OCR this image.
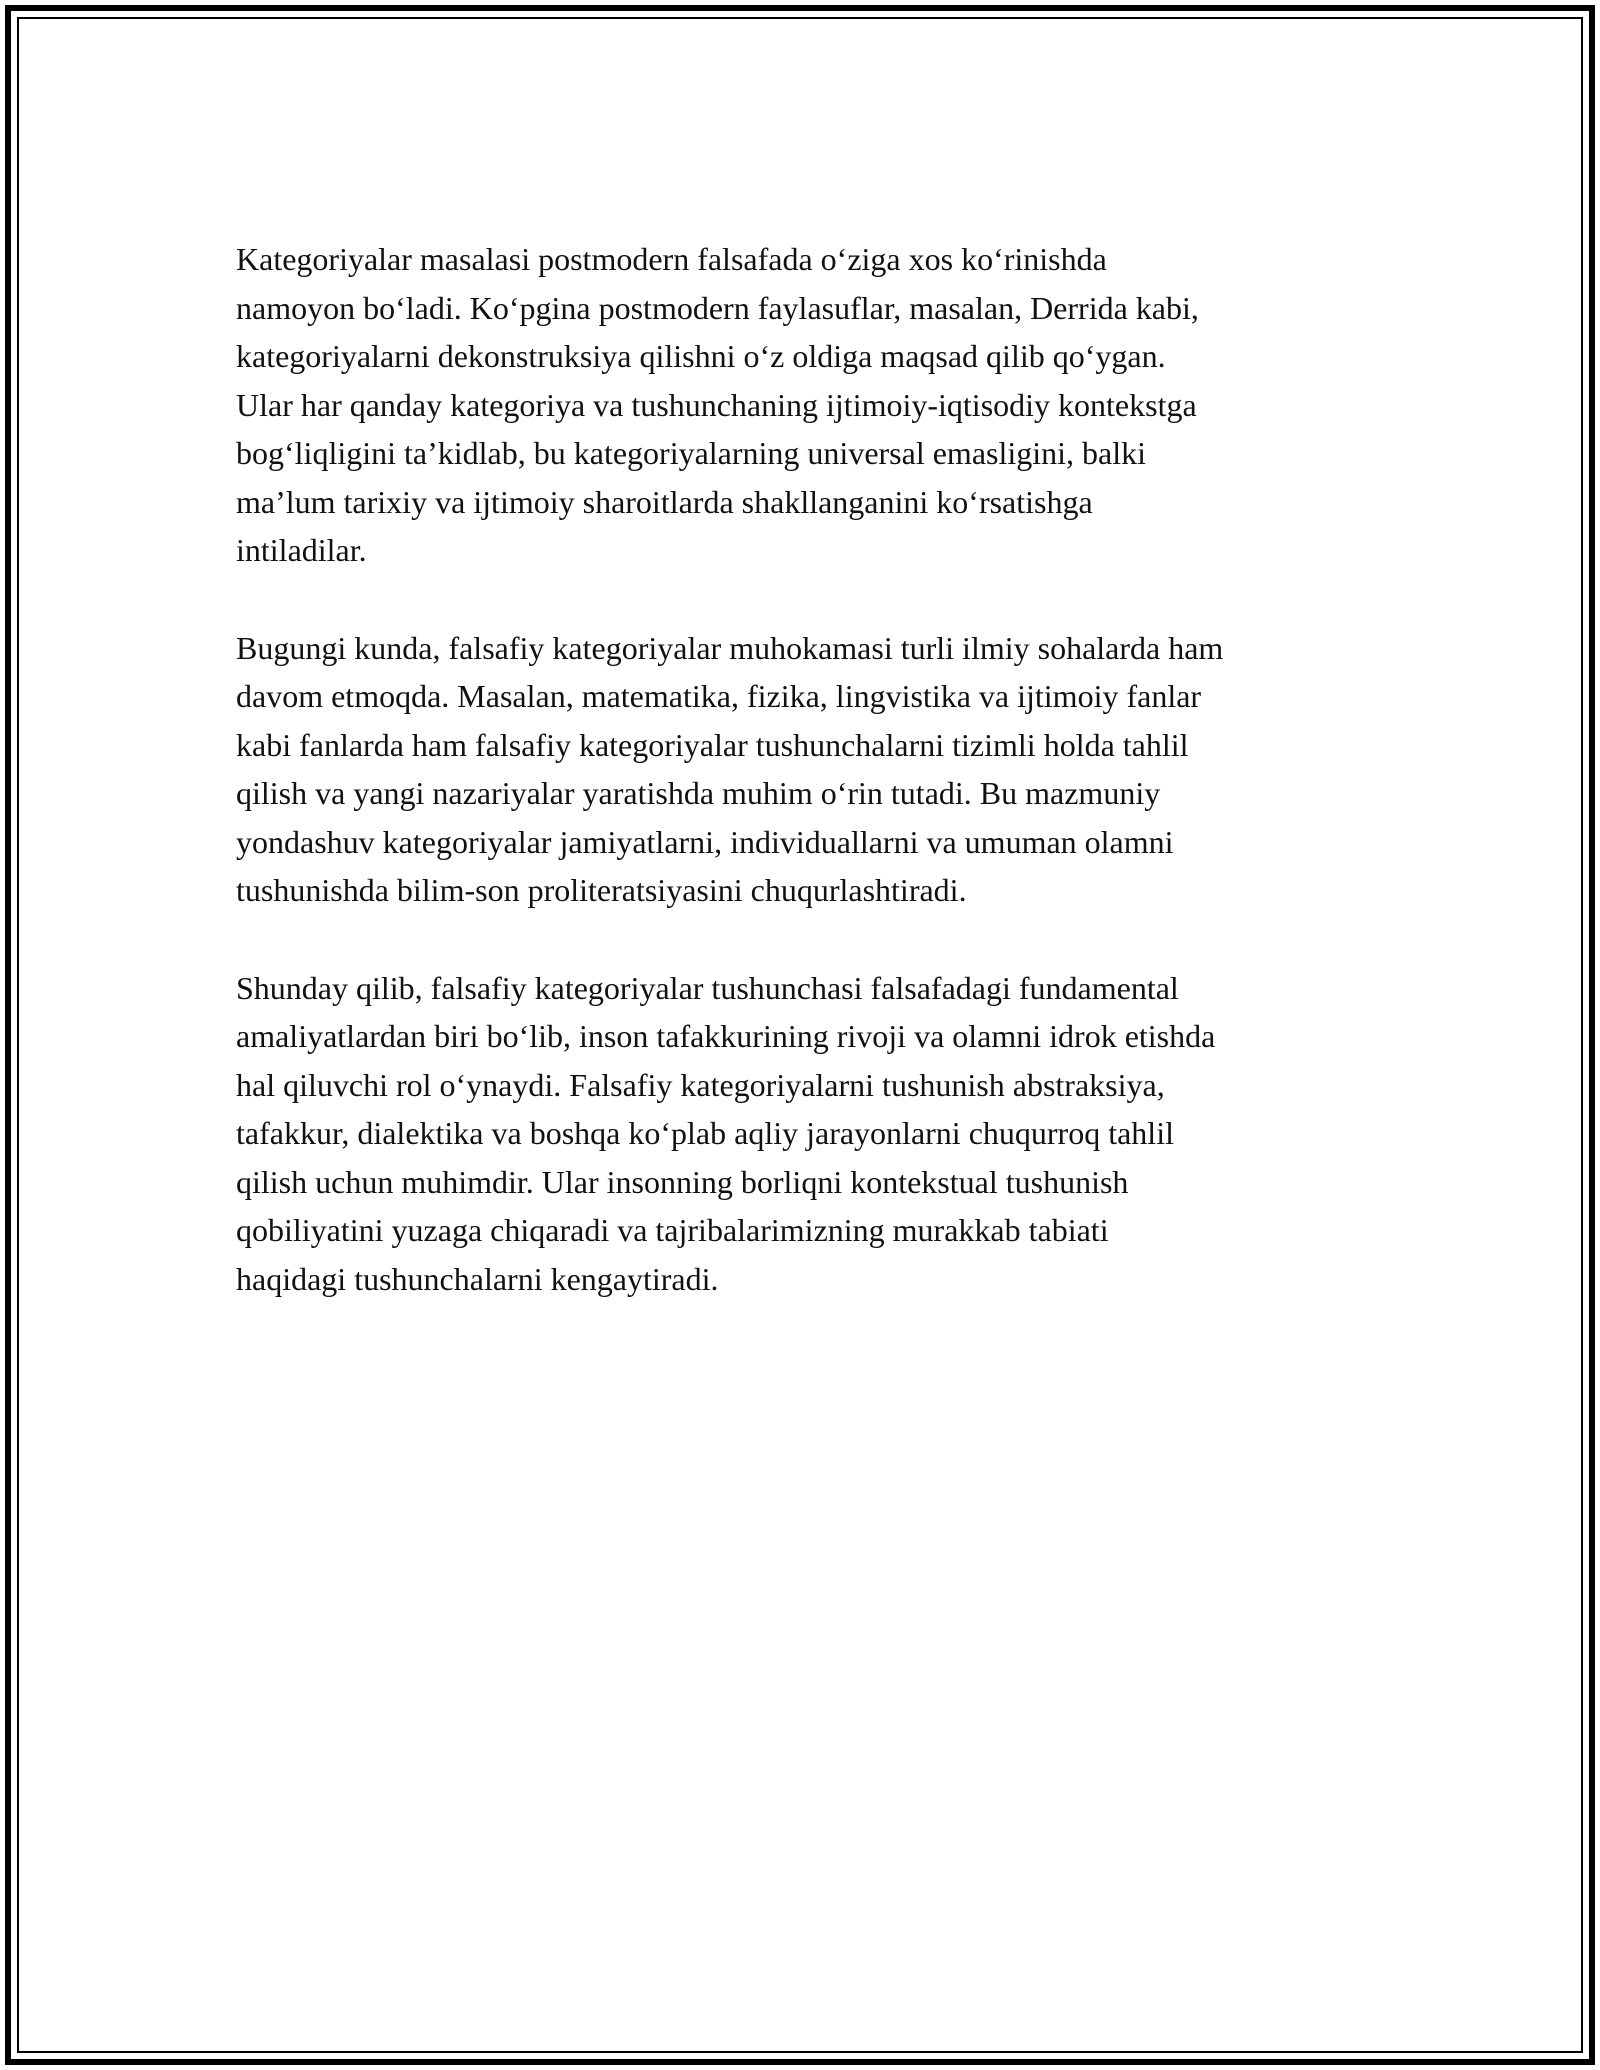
Kategoriyalar masalasi postmodern falsafada o‘ziga xos ko‘rinishda
namoyon bo‘ladi. Ko‘pgina postmodern faylasuflar, masalan, Derrida kabi,
kategoriyalarni dekonstruksiya qilishni o‘z oldiga maqsad qilib qo‘ygan.
Ular har qanday kategoriya va tushunchaning ijtimoiy-iqtisodiy kontekstga
bog‘liqligini ta’kidlab, bu kategoriyalarning universal emasligini, balki
ma’lum tarixiy va ijtimoiy sharoitlarda shakllanganini ko‘rsatishga
intiladilar.

Bugungi kunda, falsafiy kategoriyalar muhokamasi turli ilmiy sohalarda ham
davom etmoqda. Masalan, matematika, fizika, lingvistika va ijtimoiy fanlar
kabi fanlarda ham falsafiy kategoriyalar tushunchalarni tizimli holda tahlil
qilish va yangi nazariyalar yaratishda muhim o‘rin tutadi. Bu mazmuniy
yondashuv kategoriyalar jamiyatlarni, individuallarni va umuman olamni
tushunishda bilim-son proliteratsiyasini chuqurlashtiradi.

Shunday qilib, falsafiy kategoriyalar tushunchasi falsafadagi fundamental
amaliyatlardan biri bo‘lib, inson tafakkurining rivoji va olamni idrok etishda
hal qiluvchi rol o‘ynaydi. Falsafiy kategoriyalarni tushunish abstraksiya,
tafakkur, dialektika va boshqa ko‘plab aqliy jarayonlarni chuqurroq tahlil
qilish uchun muhimdir. Ular insonning borliqni kontekstual tushunish
qobiliyatini yuzaga chiqaradi va tajribalarimizning murakkab tabiati
haqidagi tushunchalarni kengaytiradi.
